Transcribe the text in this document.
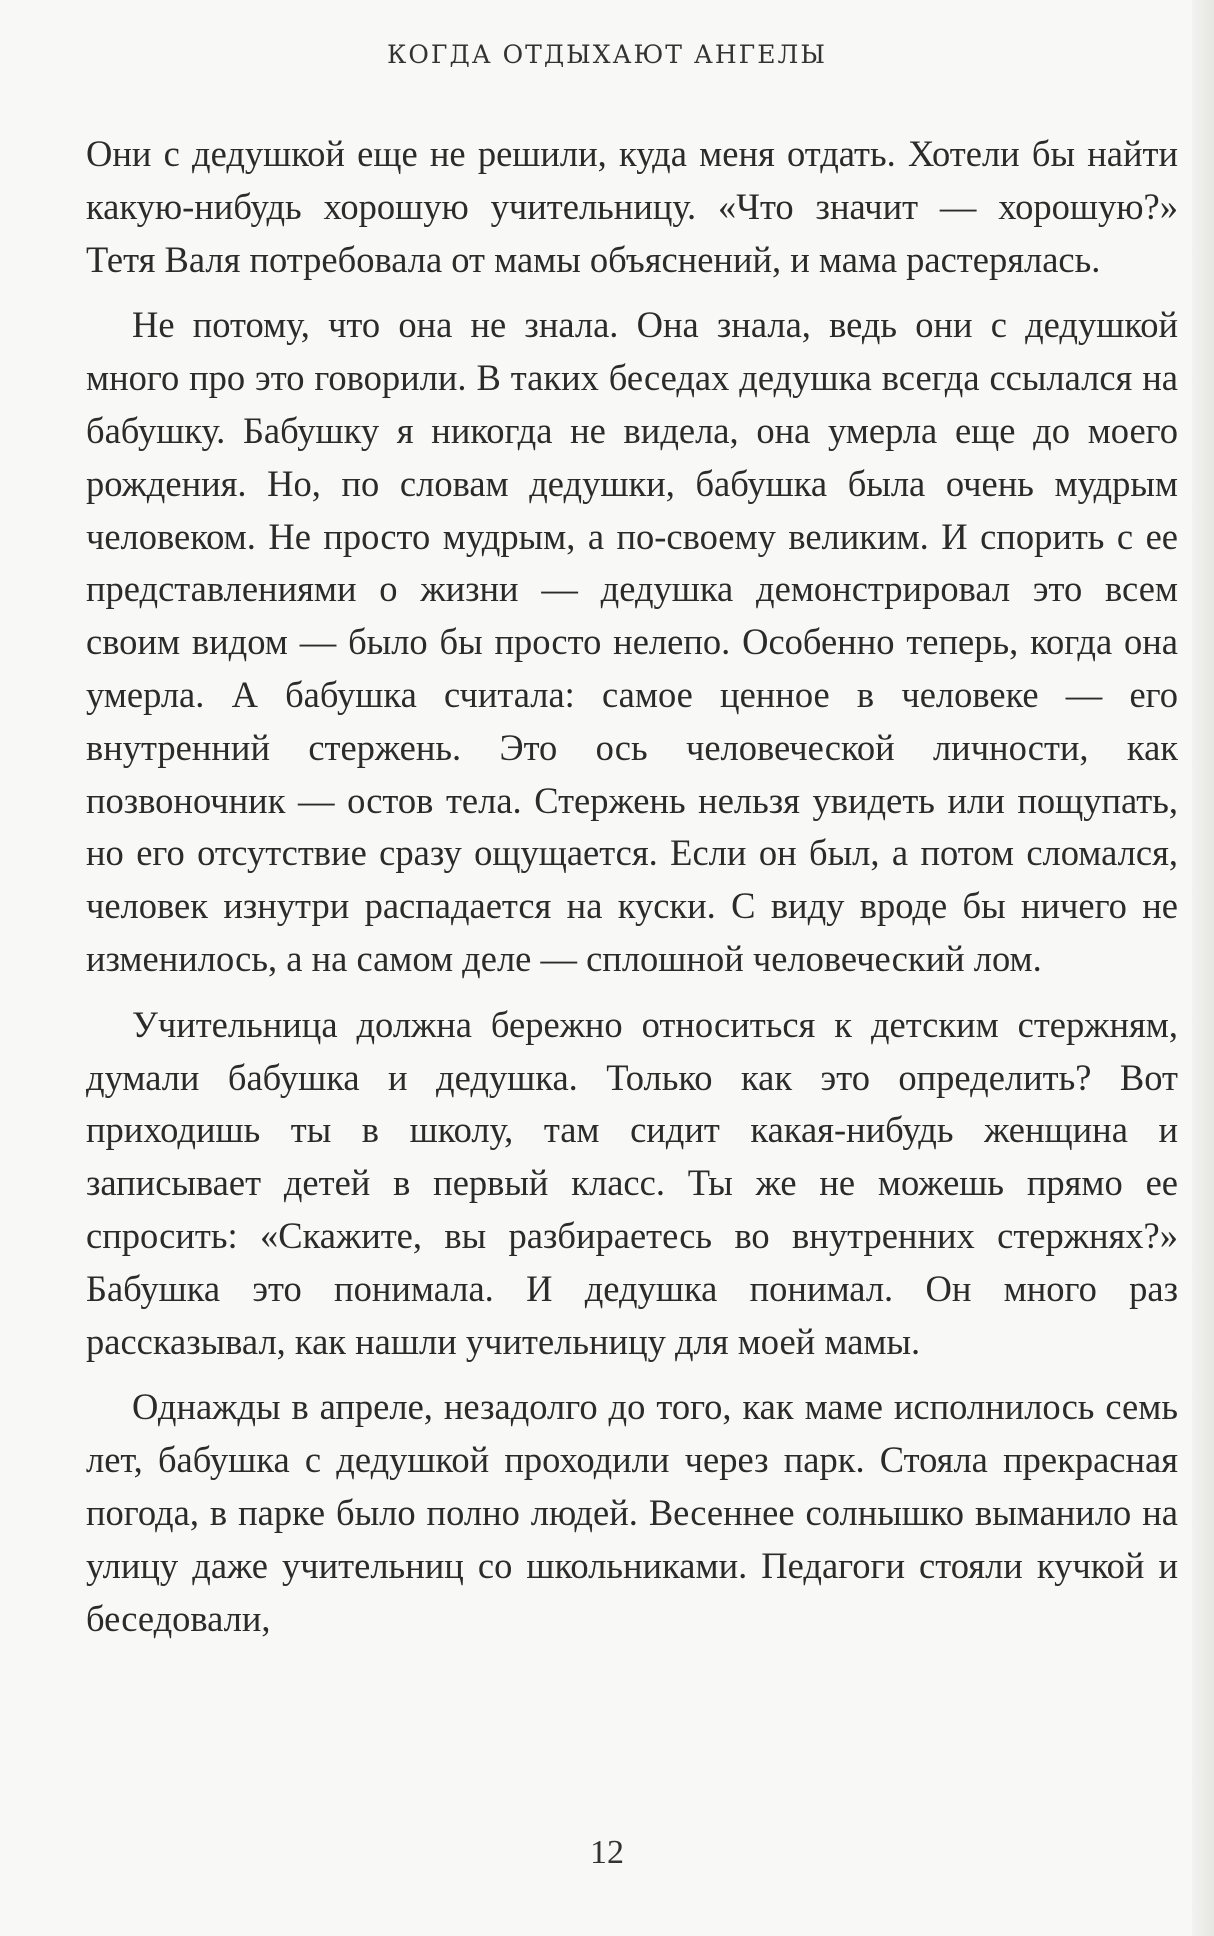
КОГДА ОТДЫХАЮТ АНГЕЛЫ

Они с дедушкой еще не решили, куда меня отдать. Хотели бы найти какую-нибудь хорошую учительницу. «Что значит — хорошую?» Тетя Валя потребовала от мамы объяснений, и мама растерялась.

Не потому, что она не знала. Она знала, ведь они с дедушкой много про это говорили. В таких беседах дедушка всегда ссылался на бабушку. Бабушку я никогда не видела, она умерла еще до моего рождения. Но, по словам дедушки, бабушка была очень мудрым человеком. Не просто мудрым, а по-своему великим. И спорить с ее представлениями о жизни — дедушка демонстрировал это всем своим видом — было бы просто нелепо. Особенно теперь, когда она умерла. А бабушка считала: самое ценное в человеке — его внутренний стержень. Это ось человеческой личности, как позвоночник — остов тела. Стержень нельзя увидеть или пощупать, но его отсутствие сразу ощущается. Если он был, а потом сломался, человек изнутри распадается на куски. С виду вроде бы ничего не изменилось, а на самом деле — сплошной человеческий лом.

Учительница должна бережно относиться к детским стержням, думали бабушка и дедушка. Только как это определить? Вот приходишь ты в школу, там сидит какая-нибудь женщина и записывает детей в первый класс. Ты же не можешь прямо ее спросить: «Скажите, вы разбираетесь во внутренних стержнях?» Бабушка это понимала. И дедушка понимал. Он много раз рассказывал, как нашли учительницу для моей мамы.

Однажды в апреле, незадолго до того, как маме исполнилось семь лет, бабушка с дедушкой проходили через парк. Стояла прекрасная погода, в парке было полно людей. Весеннее солнышко выманило на улицу даже учительниц со школьниками. Педагоги стояли кучкой и беседовали,

12
